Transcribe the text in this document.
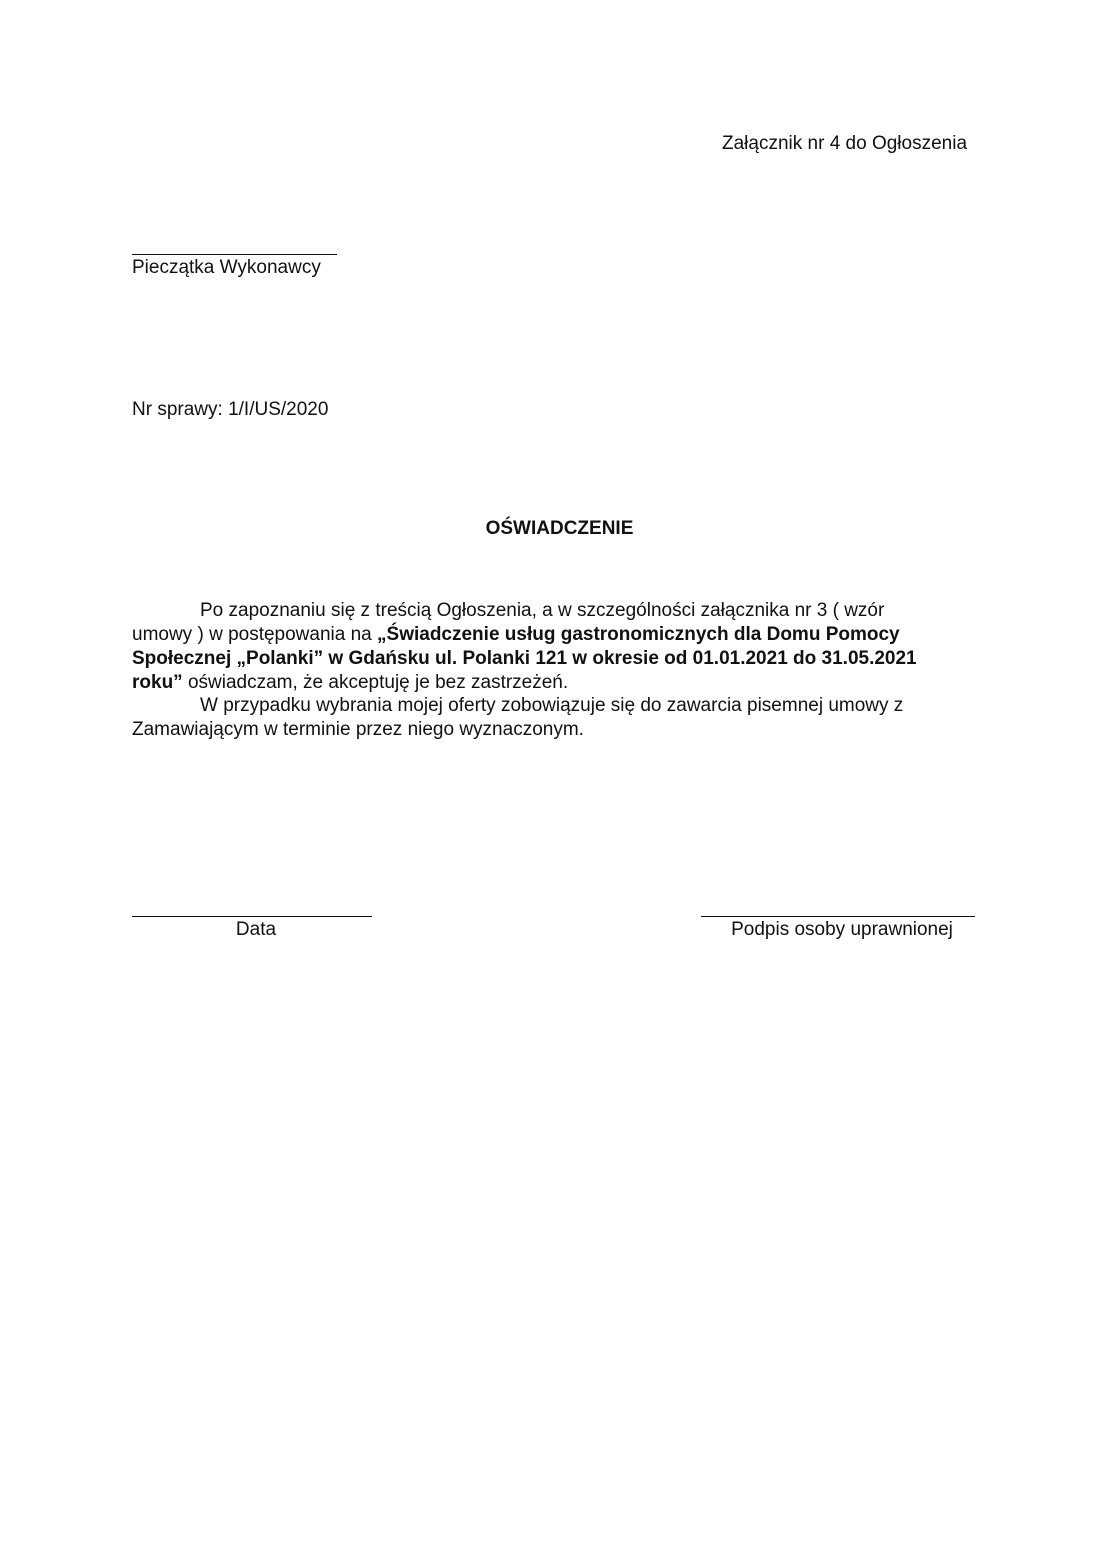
Załącznik nr 4 do Ogłoszenia
Pieczątka Wykonawcy
Nr sprawy: 1/I/US/2020
OŚWIADCZENIE
Po zapoznaniu się z treścią Ogłoszenia, a w szczególności załącznika nr 3 ( wzór
umowy ) w postępowania na „Świadczenie usług gastronomicznych dla Domu Pomocy
Społecznej „Polanki” w Gdańsku ul. Polanki 121 w okresie od 01.01.2021 do 31.05.2021
roku” oświadczam, że akceptuję je bez zastrzeżeń.
W przypadku wybrania mojej oferty zobowiązuje się do zawarcia pisemnej umowy z
Zamawiającym w terminie przez niego wyznaczonym.
Data	Podpis osoby uprawnionej
